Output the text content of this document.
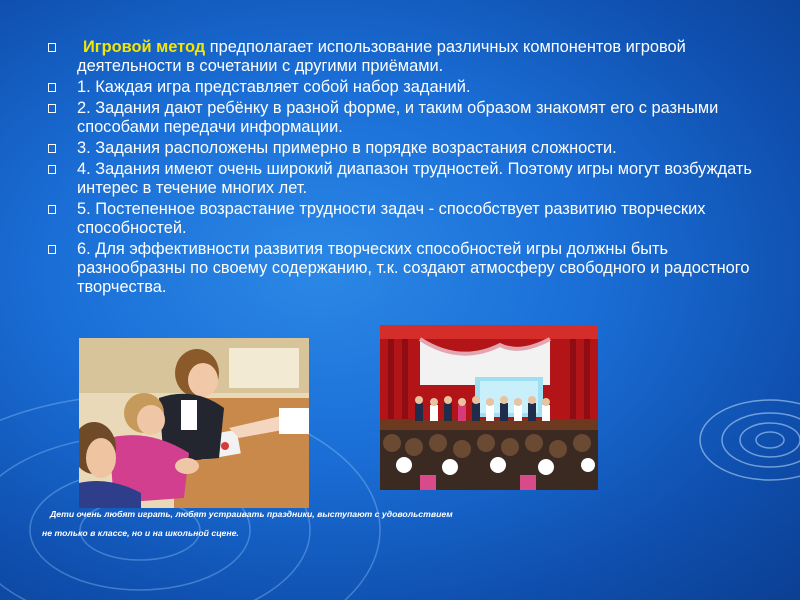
Игровой метод предполагает использование различных компонентов игровой деятельности в сочетании с другими приёмами.
1. Каждая игра представляет собой набор заданий.
2. Задания дают ребёнку в разной форме, и таким образом знакомят его с разными способами передачи информации.
3. Задания расположены примерно в порядке возрастания сложности.
4. Задания имеют очень широкий диапазон трудностей. Поэтому игры могут возбуждать интерес в течение многих лет.
5. Постепенное возрастание трудности задач - способствует развитию творческих способностей.
6. Для эффективности развития творческих способностей игры должны быть разнообразны по своему содержанию, т.к. создают атмосферу свободного и радостного творчества.

Дети очень любят играть, любят устраивать праздники, выступают с удовольствием

не только в классе, но и на школьной сцене.
